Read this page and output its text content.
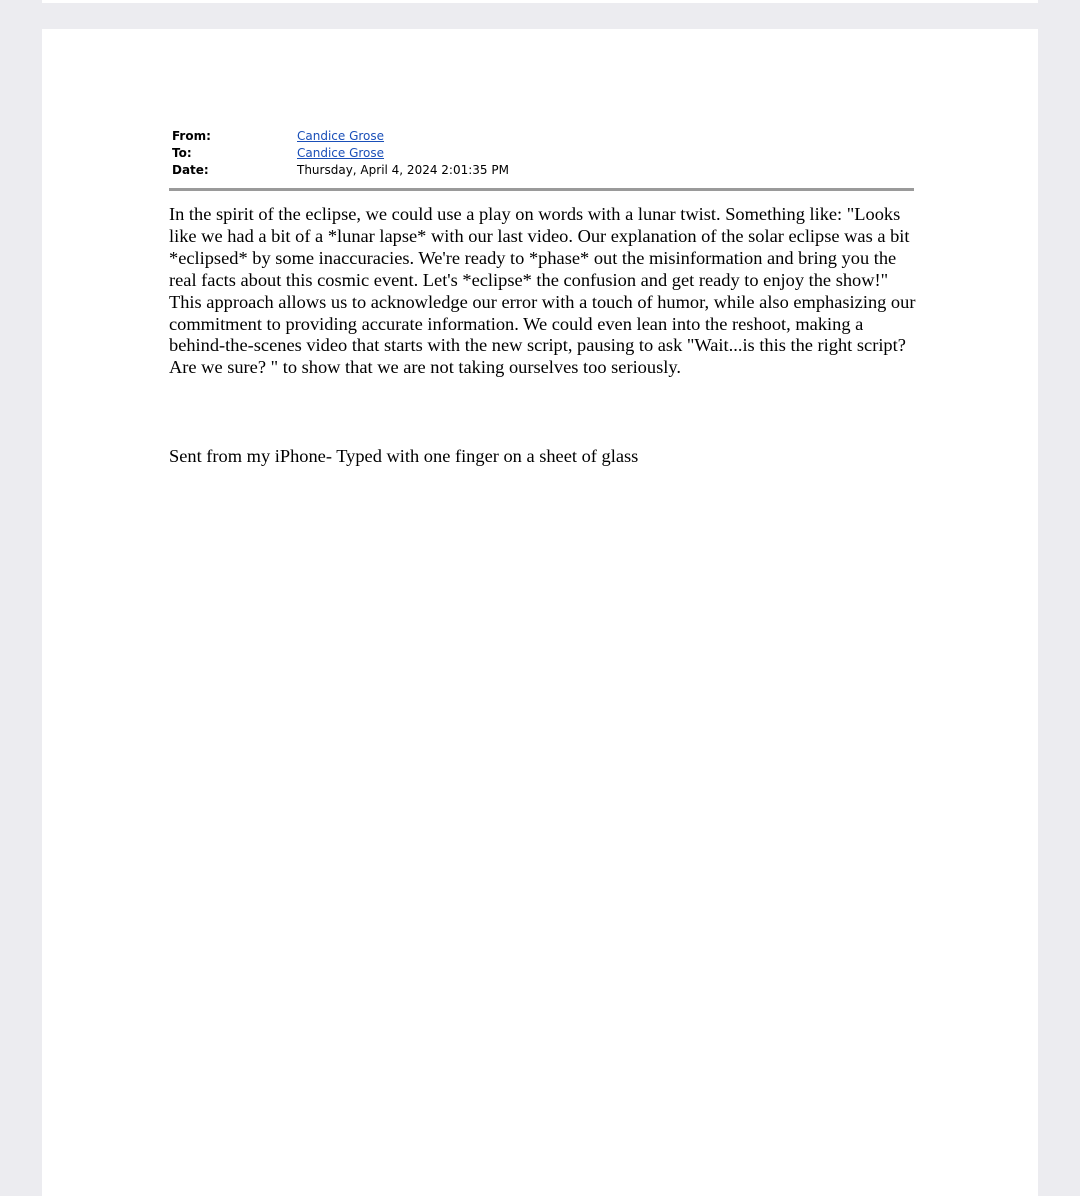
From:	Candice Grose
To:	Candice Grose
Date:	Thursday, April 4, 2024 2:01:35 PM

In the spirit of the eclipse, we could use a play on words with a lunar twist. Something like: "Looks like we had a bit of a *lunar lapse* with our last video. Our explanation of the solar eclipse was a bit *eclipsed* by some inaccuracies. We're ready to *phase* out the misinformation and bring you the real facts about this cosmic event. Let's *eclipse* the confusion and get ready to enjoy the show!" This approach allows us to acknowledge our error with a touch of humor, while also emphasizing our commitment to providing accurate information. We could even lean into the reshoot, making a behind-the-scenes video that starts with the new script, pausing to ask "Wait...is this the right script? Are we sure? " to show that we are not taking ourselves too seriously.

Sent from my iPhone- Typed with one finger on a sheet of glass
